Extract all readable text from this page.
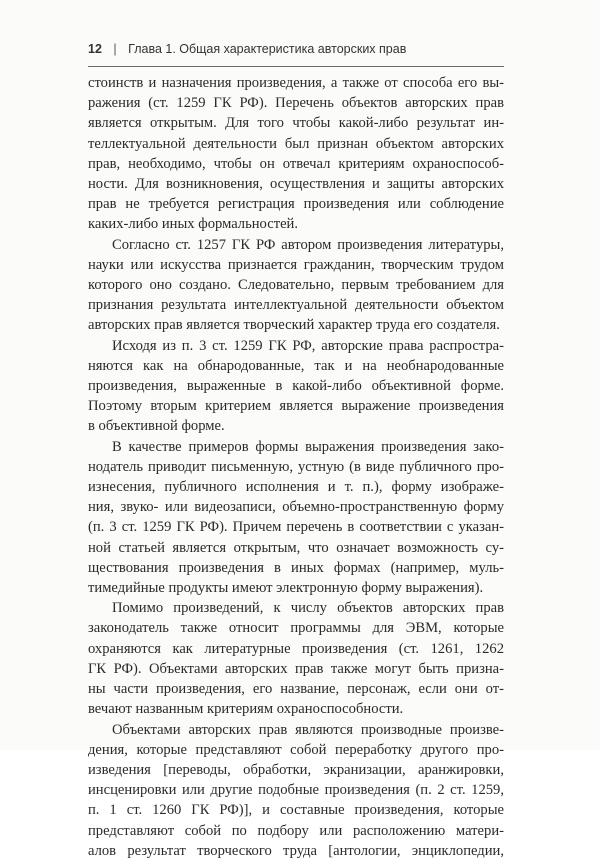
12 | Глава 1. Общая характеристика авторских прав

стоинств и назначения произведения, а также от способа его вы-
ражения (ст. 1259 ГК РФ). Перечень объектов авторских прав
является открытым. Для того чтобы какой-либо результат ин-
теллектуальной деятельности был признан объектом авторских
прав, необходимо, чтобы он отвечал критериям охраноспособ-
ности. Для возникновения, осуществления и защиты авторских
прав не требуется регистрация произведения или соблюдение
каких-либо иных формальностей.

Согласно ст. 1257 ГК РФ автором произведения литературы,
науки или искусства признается гражданин, творческим трудом
которого оно создано. Следовательно, первым требованием для
признания результата интеллектуальной деятельности объектом
авторских прав является творческий характер труда его создателя.

Исходя из п. 3 ст. 1259 ГК РФ, авторские права распростра-
няются как на обнародованные, так и на необнародованные
произведения, выраженные в какой-либо объективной форме.
Поэтому вторым критерием является выражение произведения
в объективной форме.

В качестве примеров формы выражения произведения зако-
нодатель приводит письменную, устную (в виде публичного про-
изнесения, публичного исполнения и т. п.), форму изображе-
ния, звуко- или видеозаписи, объемно-пространственную форму
(п. 3 ст. 1259 ГК РФ). Причем перечень в соответствии с указан-
ной статьей является открытым, что означает возможность су-
ществования произведения в иных формах (например, муль-
тимедийные продукты имеют электронную форму выражения).

Помимо произведений, к числу объектов авторских прав
законодатель также относит программы для ЭВМ, которые
охраняются как литературные произведения (ст. 1261, 1262
ГК РФ). Объектами авторских прав также могут быть призна-
ны части произведения, его название, персонаж, если они от-
вечают названным критериям охраноспособности.

Объектами авторских прав являются производные произве-
дения, которые представляют собой переработку другого про-
изведения [переводы, обработки, экранизации, аранжировки,
инсценировки или другие подобные произведения (п. 2 ст. 1259,
п. 1 ст. 1260 ГК РФ)], и составные произведения, которые
представляют собой по подбору или расположению матери-
алов результат творческого труда [антологии, энциклопедии,
